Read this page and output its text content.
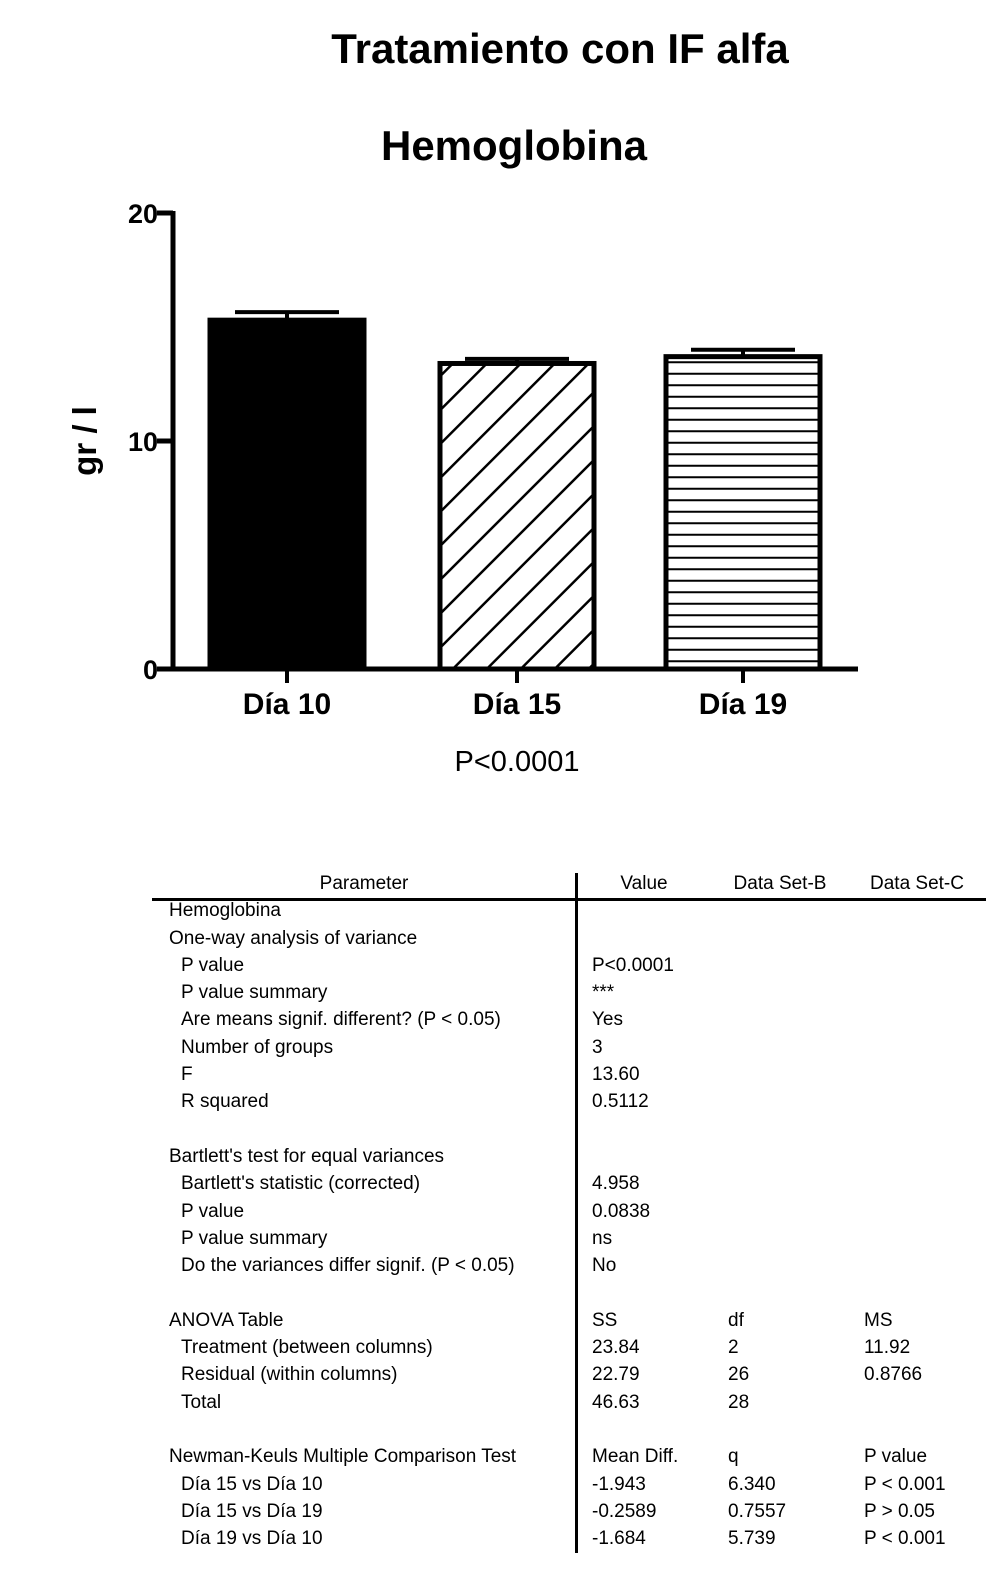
Tratamiento con IF alfa
Hemoglobina
gr / l
Día 10	Día 15	Día 19
0
10
20
P<0.0001
Parameter	Value	Data Set-B	Data Set-C
Hemoglobina
One-way analysis of variance
P value	P<0.0001
P value summary	***
Are means signif. different? (P < 0.05)	Yes
Number of groups	3
F	13.60
R squared	0.5112
Bartlett's test for equal variances
Bartlett's statistic (corrected)	4.958
P value	0.0838
P value summary	ns
Do the variances differ signif. (P < 0.05)	No
ANOVA Table	SS	df	MS
Treatment (between columns)	23.84	2	11.92
Residual (within columns)	22.79	26	0.8766
Total	46.63	28
Newman-Keuls Multiple Comparison Test	Mean Diff.	q	P value
Día 15 vs Día 10	-1.943	6.340	P < 0.001
Día 15 vs Día 19	-0.2589	0.7557	P > 0.05
Día 19 vs Día 10	-1.684	5.739	P < 0.001
